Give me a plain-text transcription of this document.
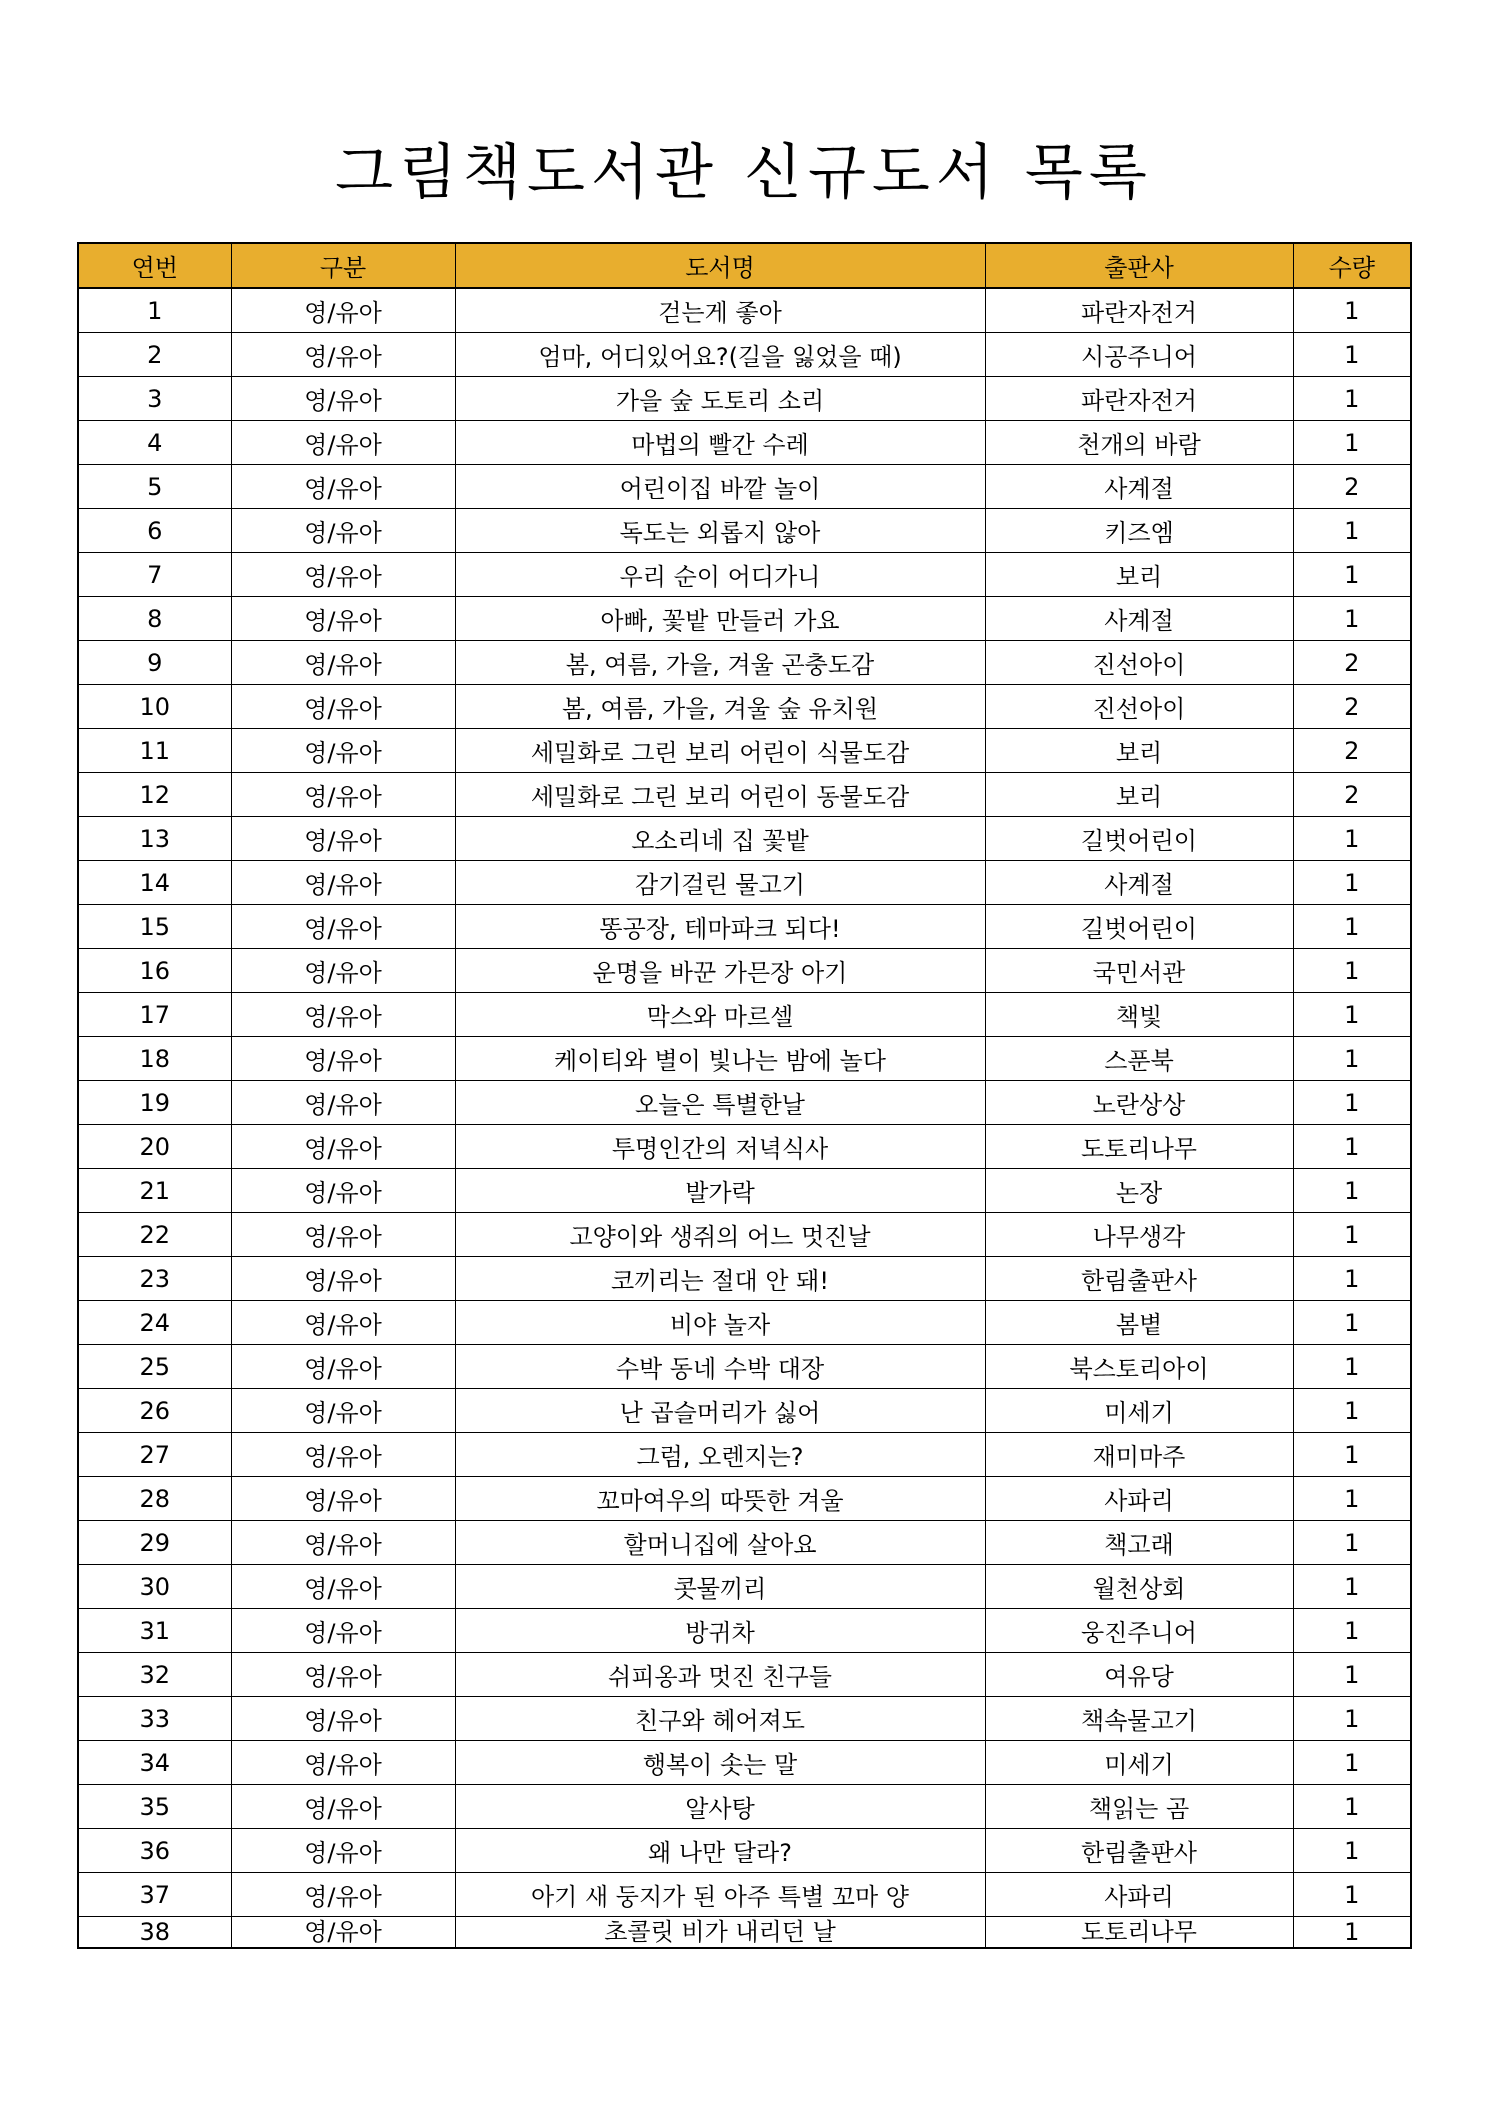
그림책도서관 신규도서 목록
연번	구분	도서명	출판사	수량
1	영/유아	걷는게 좋아	파란자전거	1
2	영/유아	엄마, 어디있어요?(길을 잃었을 때)	시공주니어	1
3	영/유아	가을 숲 도토리 소리	파란자전거	1
4	영/유아	마법의 빨간 수레	천개의 바람	1
5	영/유아	어린이집 바깥 놀이	사계절	2
6	영/유아	독도는 외롭지 않아	키즈엠	1
7	영/유아	우리 순이 어디가니	보리	1
8	영/유아	아빠, 꽃밭 만들러 가요	사계절	1
9	영/유아	봄, 여름, 가을, 겨울 곤충도감	진선아이	2
10	영/유아	봄, 여름, 가을, 겨울 숲 유치원	진선아이	2
11	영/유아	세밀화로 그린 보리 어린이 식물도감	보리	2
12	영/유아	세밀화로 그린 보리 어린이 동물도감	보리	2
13	영/유아	오소리네 집 꽃밭	길벗어린이	1
14	영/유아	감기걸린 물고기	사계절	1
15	영/유아	똥공장, 테마파크 되다!	길벗어린이	1
16	영/유아	운명을 바꾼 가믄장 아기	국민서관	1
17	영/유아	막스와 마르셀	책빛	1
18	영/유아	케이티와 별이 빛나는 밤에 놀다	스푼북	1
19	영/유아	오늘은 특별한날	노란상상	1
20	영/유아	투명인간의 저녁식사	도토리나무	1
21	영/유아	발가락	논장	1
22	영/유아	고양이와 생쥐의 어느 멋진날	나무생각	1
23	영/유아	코끼리는 절대 안 돼!	한림출판사	1
24	영/유아	비야 놀자	봄볕	1
25	영/유아	수박 동네 수박 대장	북스토리아이	1
26	영/유아	난 곱슬머리가 싫어	미세기	1
27	영/유아	그럼, 오렌지는?	재미마주	1
28	영/유아	꼬마여우의 따뜻한 겨울	사파리	1
29	영/유아	할머니집에 살아요	책고래	1
30	영/유아	콧물끼리	월천상회	1
31	영/유아	방귀차	웅진주니어	1
32	영/유아	쉬피옹과 멋진 친구들	여유당	1
33	영/유아	친구와 헤어져도	책속물고기	1
34	영/유아	행복이 솟는 말	미세기	1
35	영/유아	알사탕	책읽는 곰	1
36	영/유아	왜 나만 달라?	한림출판사	1
37	영/유아	아기 새 둥지가 된 아주 특별 꼬마 양	사파리	1
38	영/유아	초콜릿 비가 내리던 날	도토리나무	1
